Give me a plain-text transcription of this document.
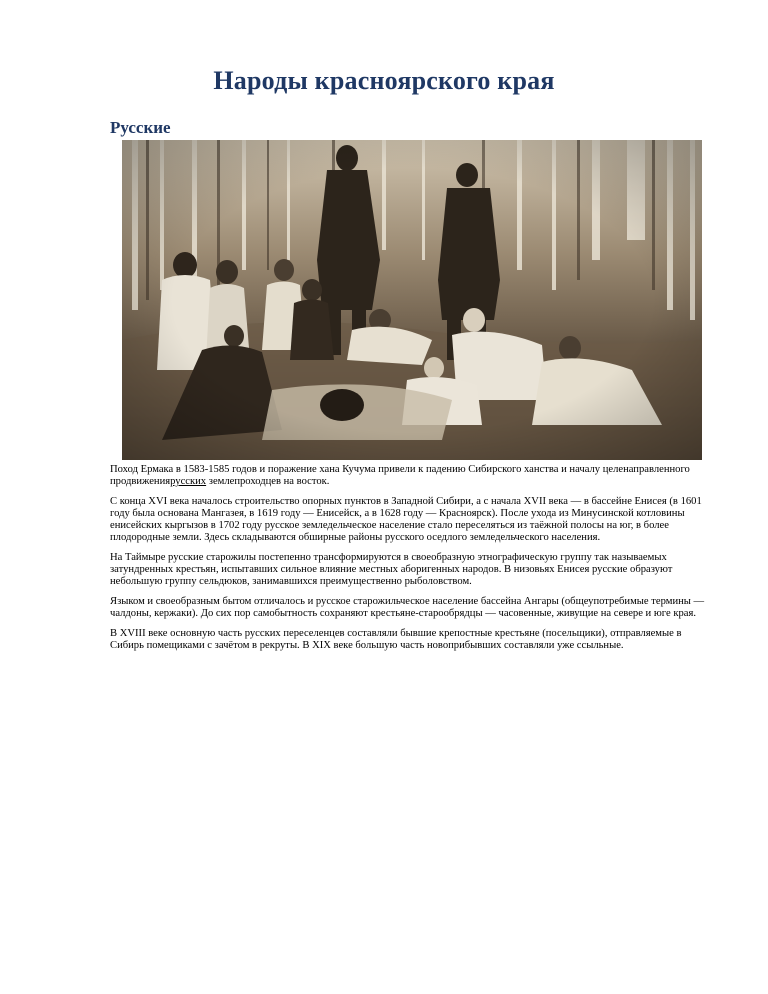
Народы красноярского края
Русские

Поход Ермака в 1583-1585 годов и поражение хана Кучума привели к падению Сибирского ханства и началу целенаправленного продвижениярусских землепроходцев на восток.

С конца XVI века началось строительство опорных пунктов в Западной Сибири, а с начала XVII века — в бассейне Енисея (в 1601 году была основана Мангазея, в 1619 году — Енисейск, а в 1628 году — Красноярск). После ухода из Минусинской котловины енисейских кыргызов в 1702 году русское земледельческое население стало переселяться из таёжной полосы на юг, в более плодородные земли. Здесь складываются обширные районы русского оседлого земледельческого населения.

На Таймыре русские старожилы постепенно трансформируются в своеобразную этнографическую группу так называемых затундренных крестьян, испытавших сильное влияние местных аборигенных народов. В низовьях Енисея русские образуют небольшую группу сельдюков, занимавшихся преимущественно рыболовством.

Языком и своеобразным бытом отличалось и русское старожильческое население бассейна Ангары (общеупотребимые термины — чалдоны, кержаки). До сих пор самобытность сохраняют крестьяне-старообрядцы — часовенные, живущие на севере и юге края.

В XVIII веке основную часть русских переселенцев составляли бывшие крепостные крестьяне (посельщики), отправляемые в Сибирь помещиками с зачётом в рекруты. В XIX веке большую часть новоприбывших составляли уже ссыльные.
